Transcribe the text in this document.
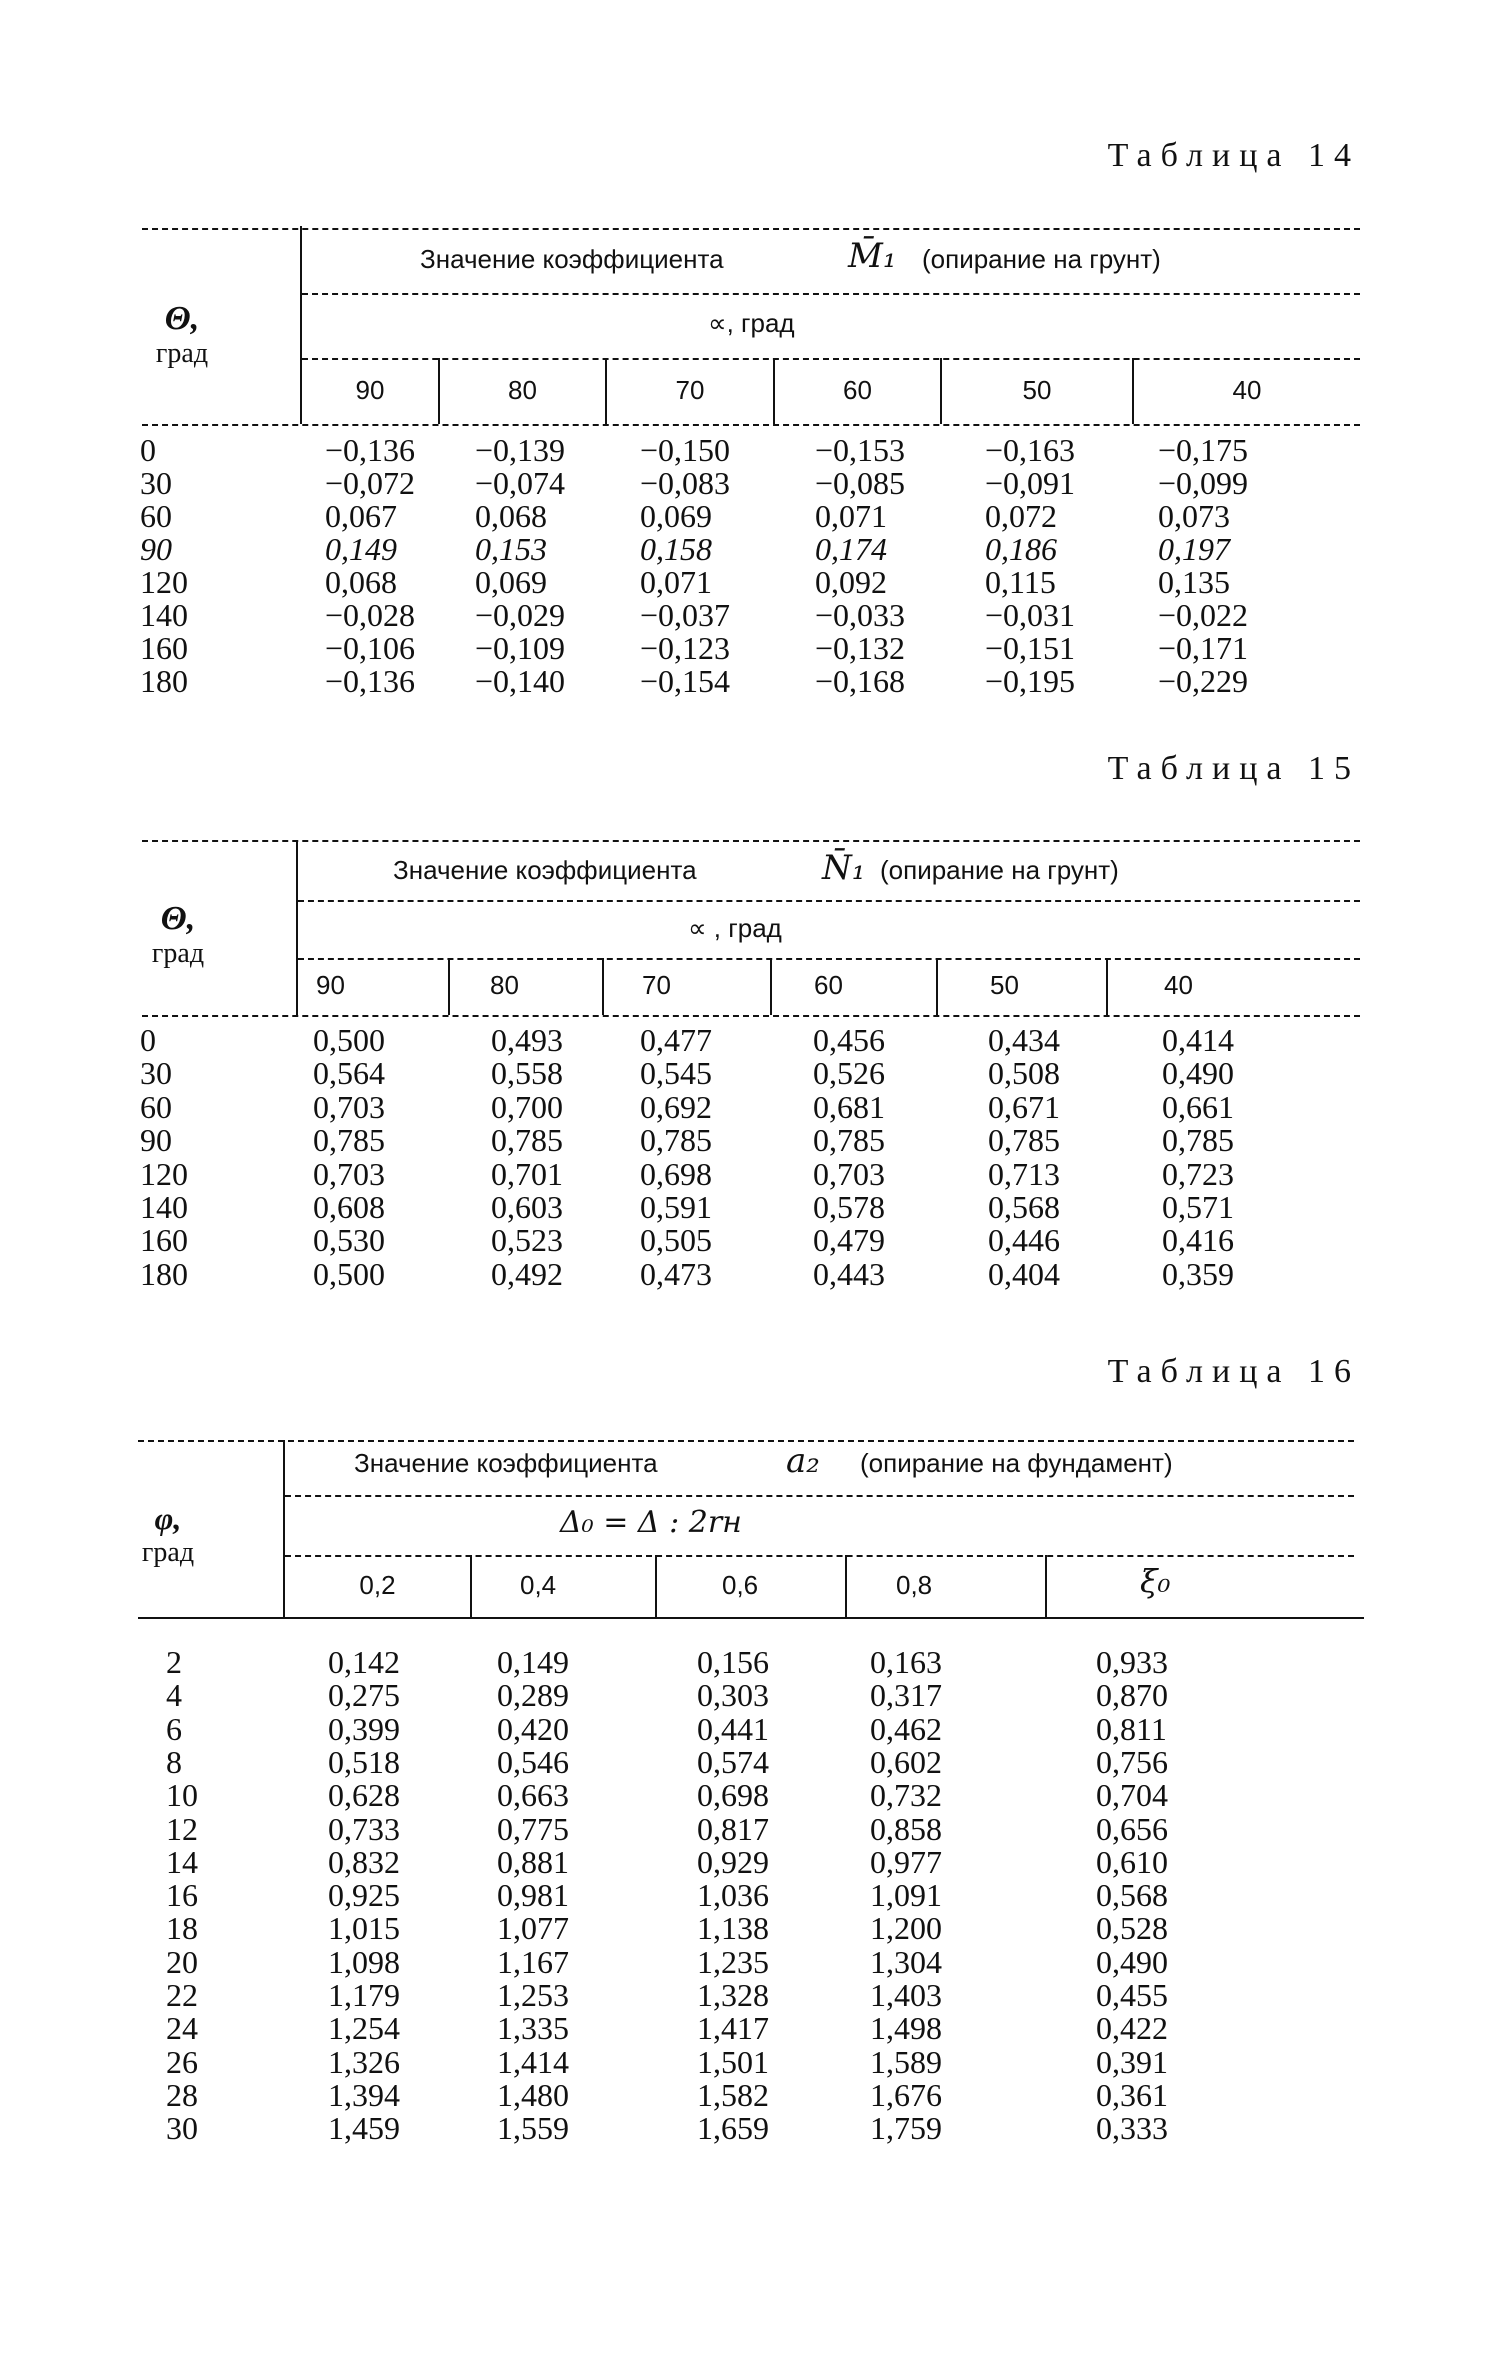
Таблица 14
Значение коэффициента	M̄₁ (опирание на грунт)
∝, град
Θ,
град
90	80	70	60	50	40
0	−0,136 −0,139 −0,150	−0,153 −0,163	−0,175
30	−0,072 −0,074 −0,083	−0,085 −0,091	−0,099
60	0,067 0,068	0,069	0,071	0,072	0,073
90	0,149 0,153	0,158	0,174	0,186	0,197
120	0,068 0,069	0,071	0,092	0,115	0,135
140	−0,028 −0,029 −0,037	−0,033 −0,031	−0,022
160	−0,106 −0,109 −0,123	−0,132 −0,151	−0,171
180	−0,136 −0,140 −0,154	−0,168 −0,195	−0,229
Таблица 15
Значение коэффициента	N̄₁ (опирание на грунт)
∝ , град
Θ,
град
90	80	70	60	50	40
0	0,500	0,493 0,477	0,456	0,434	0,414
30	0,564	0,558 0,545	0,526	0,508	0,490
60	0,703	0,700 0,692	0,681	0,671	0,661
90	0,785	0,785 0,785	0,785	0,785	0,785
120	0,703	0,701 0,698	0,703	0,713	0,723
140	0,608	0,603 0,591	0,578	0,568	0,571
160	0,530	0,523 0,505	0,479	0,446	0,416
180	0,500	0,492 0,473	0,443	0,404	0,359
Таблица 16
Значение коэффициента	a₂ (опирание на фундамент)
Δ₀ = Δ : 2rн
φ,
град
0,2	0,4	0,6	0,8	ξ₀
2	0,142	0,149	0,156	0,163	0,933
4	0,275	0,289	0,303	0,317	0,870
6	0,399	0,420	0,441	0,462	0,811
8	0,518	0,546	0,574	0,602	0,756
10	0,628	0,663	0,698	0,732	0,704
12	0,733	0,775	0,817	0,858	0,656
14	0,832	0,881	0,929	0,977	0,610
16	0,925	0,981	1,036	1,091	0,568
18	1,015	1,077	1,138	1,200	0,528
20	1,098	1,167	1,235	1,304	0,490
22	1,179	1,253	1,328	1,403	0,455
24	1,254	1,335	1,417	1,498	0,422
26	1,326	1,414	1,501	1,589	0,391
28	1,394	1,480	1,582	1,676	0,361
30	1,459	1,559	1,659	1,759	0,333
